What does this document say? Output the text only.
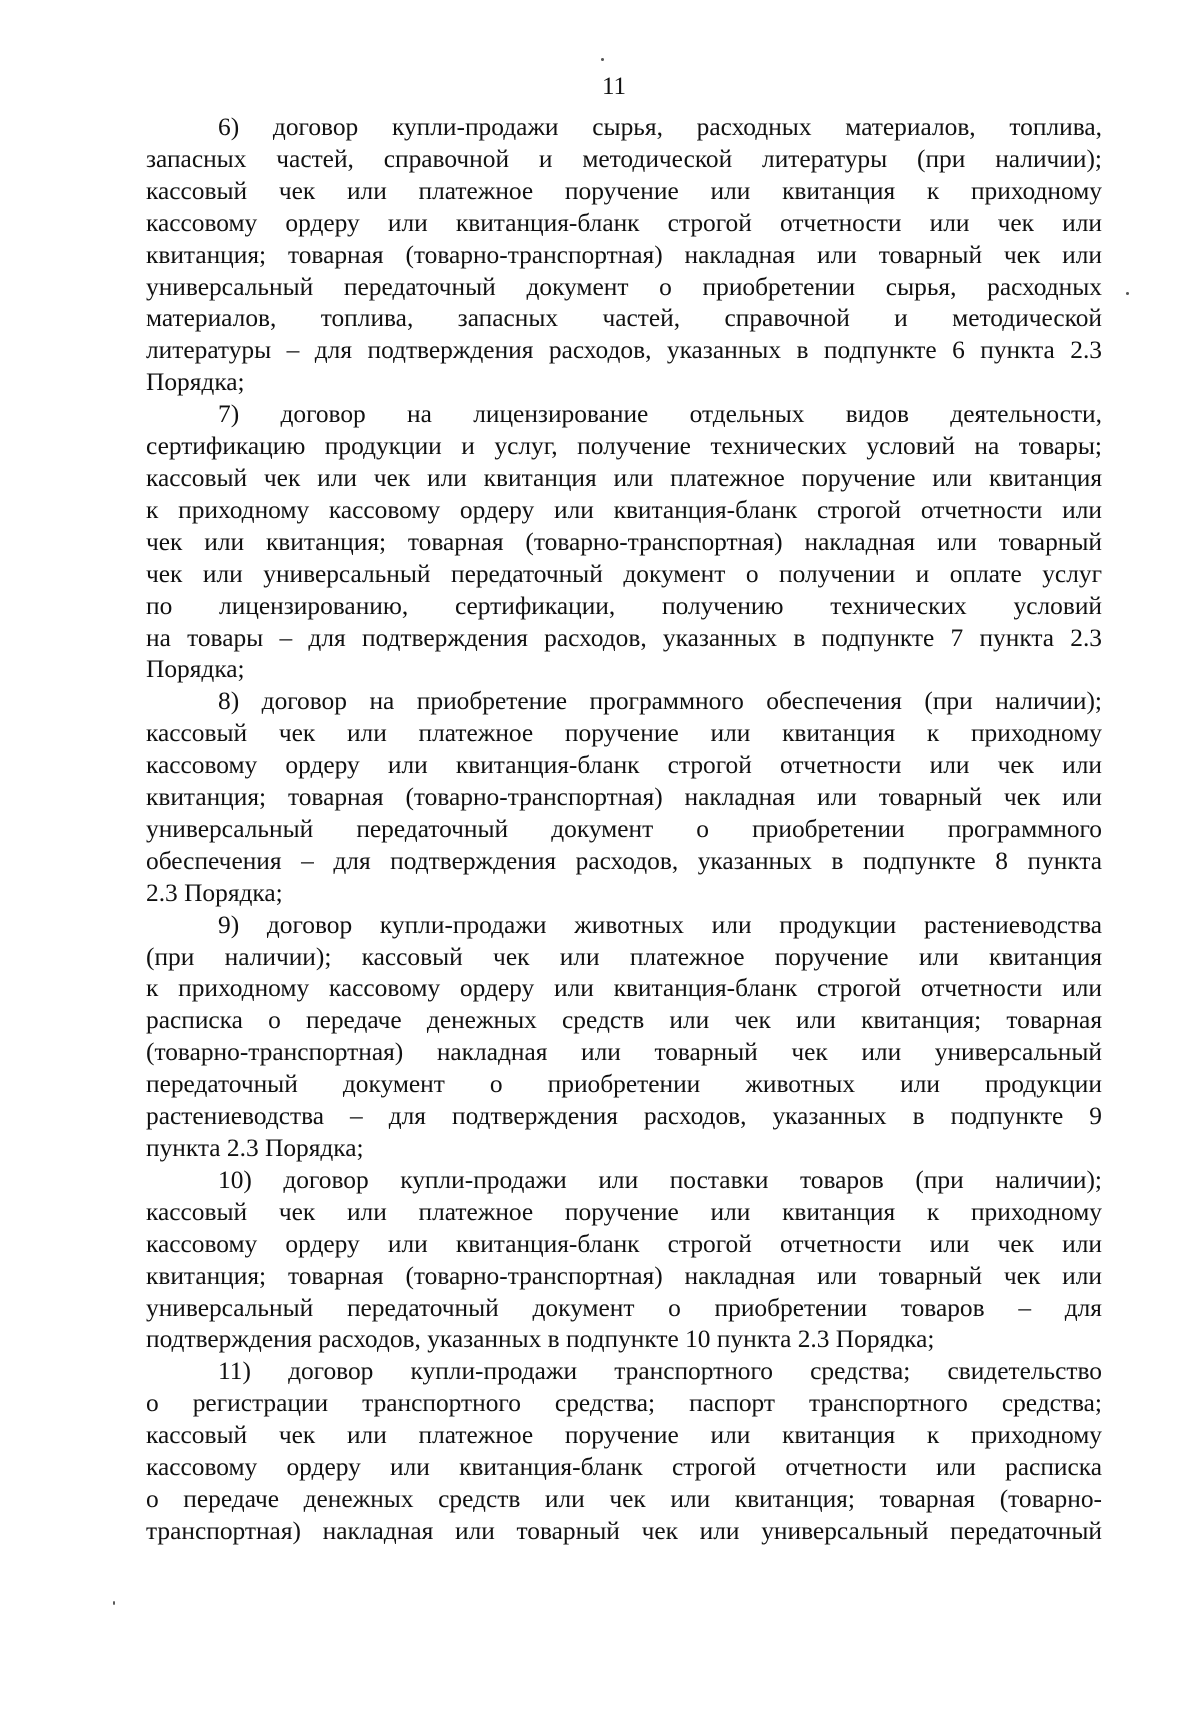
11
6) договор купли-продажи сырья, расходных материалов, топлива,
запасных частей, справочной и методической литературы (при наличии);
кассовый чек или платежное поручение или квитанция к приходному
кассовому ордеру или квитанция-бланк строгой отчетности или чек или
квитанция; товарная (товарно-транспортная) накладная или товарный чек или
универсальный передаточный документ о приобретении сырья, расходных
материалов, топлива, запасных частей, справочной и методической
литературы – для подтверждения расходов, указанных в подпункте 6 пункта 2.3
Порядка;
7) договор на лицензирование отдельных видов деятельности,
сертификацию продукции и услуг, получение технических условий на товары;
кассовый чек или чек или квитанция или платежное поручение или квитанция
к приходному кассовому ордеру или квитанция-бланк строгой отчетности или
чек или квитанция; товарная (товарно-транспортная) накладная или товарный
чек или универсальный передаточный документ о получении и оплате услуг
по лицензированию, сертификации, получению технических условий
на товары – для подтверждения расходов, указанных в подпункте 7 пункта 2.3
Порядка;
8) договор на приобретение программного обеспечения (при наличии);
кассовый чек или платежное поручение или квитанция к приходному
кассовому ордеру или квитанция-бланк строгой отчетности или чек или
квитанция; товарная (товарно-транспортная) накладная или товарный чек или
универсальный передаточный документ о приобретении программного
обеспечения – для подтверждения расходов, указанных в подпункте 8 пункта
2.3 Порядка;
9) договор купли-продажи животных или продукции растениеводства
(при наличии); кассовый чек или платежное поручение или квитанция
к приходному кассовому ордеру или квитанция-бланк строгой отчетности или
расписка о передаче денежных средств или чек или квитанция; товарная
(товарно-транспортная) накладная или товарный чек или универсальный
передаточный документ о приобретении животных или продукции
растениеводства – для подтверждения расходов, указанных в подпункте 9
пункта 2.3 Порядка;
10) договор купли-продажи или поставки товаров (при наличии);
кассовый чек или платежное поручение или квитанция к приходному
кассовому ордеру или квитанция-бланк строгой отчетности или чек или
квитанция; товарная (товарно-транспортная) накладная или товарный чек или
универсальный передаточный документ о приобретении товаров – для
подтверждения расходов, указанных в подпункте 10 пункта 2.3 Порядка;
11) договор купли-продажи транспортного средства; свидетельство
о регистрации транспортного средства; паспорт транспортного средства;
кассовый чек или платежное поручение или квитанция к приходному
кассовому ордеру или квитанция-бланк строгой отчетности или расписка
о передаче денежных средств или чек или квитанция; товарная (товарно-
транспортная) накладная или товарный чек или универсальный передаточный
